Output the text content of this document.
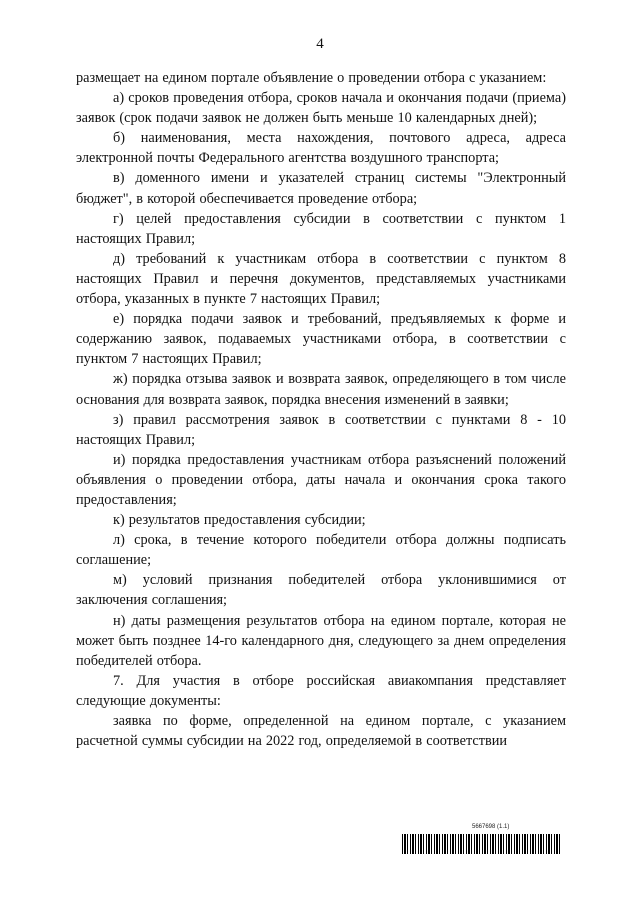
4

размещает на едином портале объявление о проведении отбора с указанием:

а) сроков проведения отбора, сроков начала и окончания подачи (приема) заявок (срок подачи заявок не должен быть меньше 10 календарных дней);

б) наименования, места нахождения, почтового адреса, адреса электронной почты Федерального агентства воздушного транспорта;

в) доменного имени и указателей страниц системы "Электронный бюджет", в которой обеспечивается проведение отбора;

г) целей предоставления субсидии в соответствии с пунктом 1 настоящих Правил;

д) требований к участникам отбора в соответствии с пунктом 8 настоящих Правил и перечня документов, представляемых участниками отбора, указанных в пункте 7 настоящих Правил;

е) порядка подачи заявок и требований, предъявляемых к форме и содержанию заявок, подаваемых участниками отбора, в соответствии с пунктом 7 настоящих Правил;

ж) порядка отзыва заявок и возврата заявок, определяющего в том числе основания для возврата заявок, порядка внесения изменений в заявки;

з) правил рассмотрения заявок в соответствии с пунктами 8 - 10 настоящих Правил;

и) порядка предоставления участникам отбора разъяснений положений объявления о проведении отбора, даты начала и окончания срока такого предоставления;

к) результатов предоставления субсидии;

л) срока, в течение которого победители отбора должны подписать соглашение;

м) условий признания победителей отбора уклонившимися от заключения соглашения;

н) даты размещения результатов отбора на едином портале, которая не может быть позднее 14-го календарного дня, следующего за днем определения победителей отбора.

7. Для участия в отборе российская авиакомпания представляет следующие документы:

заявка по форме, определенной на едином портале, с указанием расчетной суммы субсидии на 2022 год, определяемой в соответствии

5667698 (1.1)
